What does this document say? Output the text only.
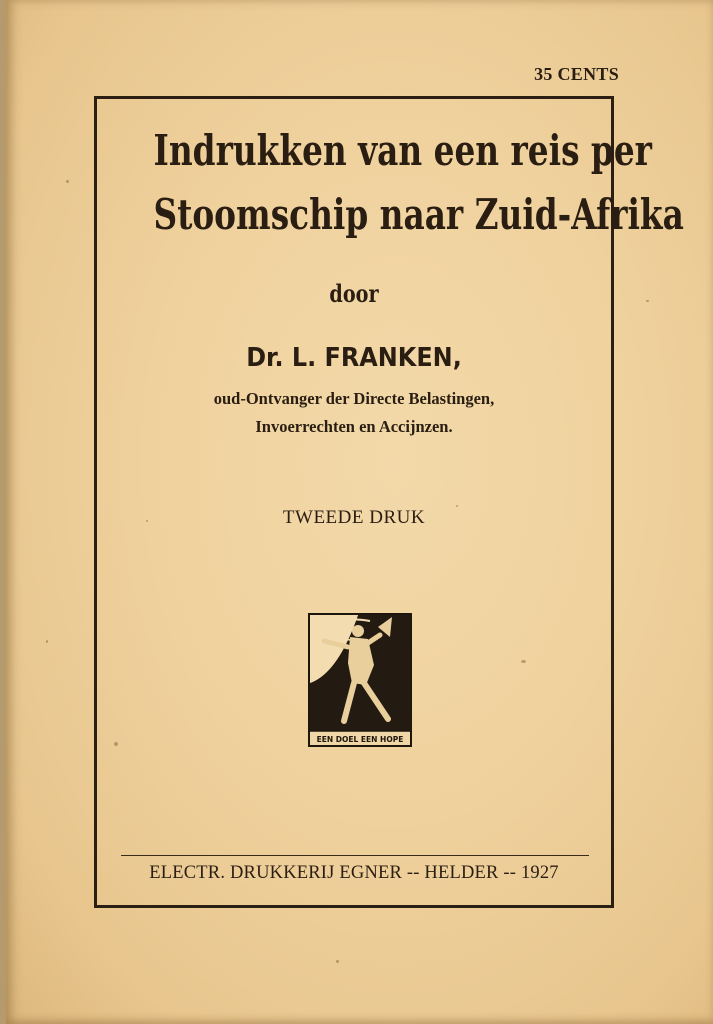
35 CENTS
Indrukken van een reis per
Stoomschip naar Zuid-Afrika
door
Dr. L. FRANKEN,
oud-Ontvanger der Directe Belastingen,
Invoerrechten en Accijnzen.
TWEEDE DRUK
EEN DOEL EEN HOPE
ELECTR. DRUKKERIJ EGNER -- HELDER -- 1927
